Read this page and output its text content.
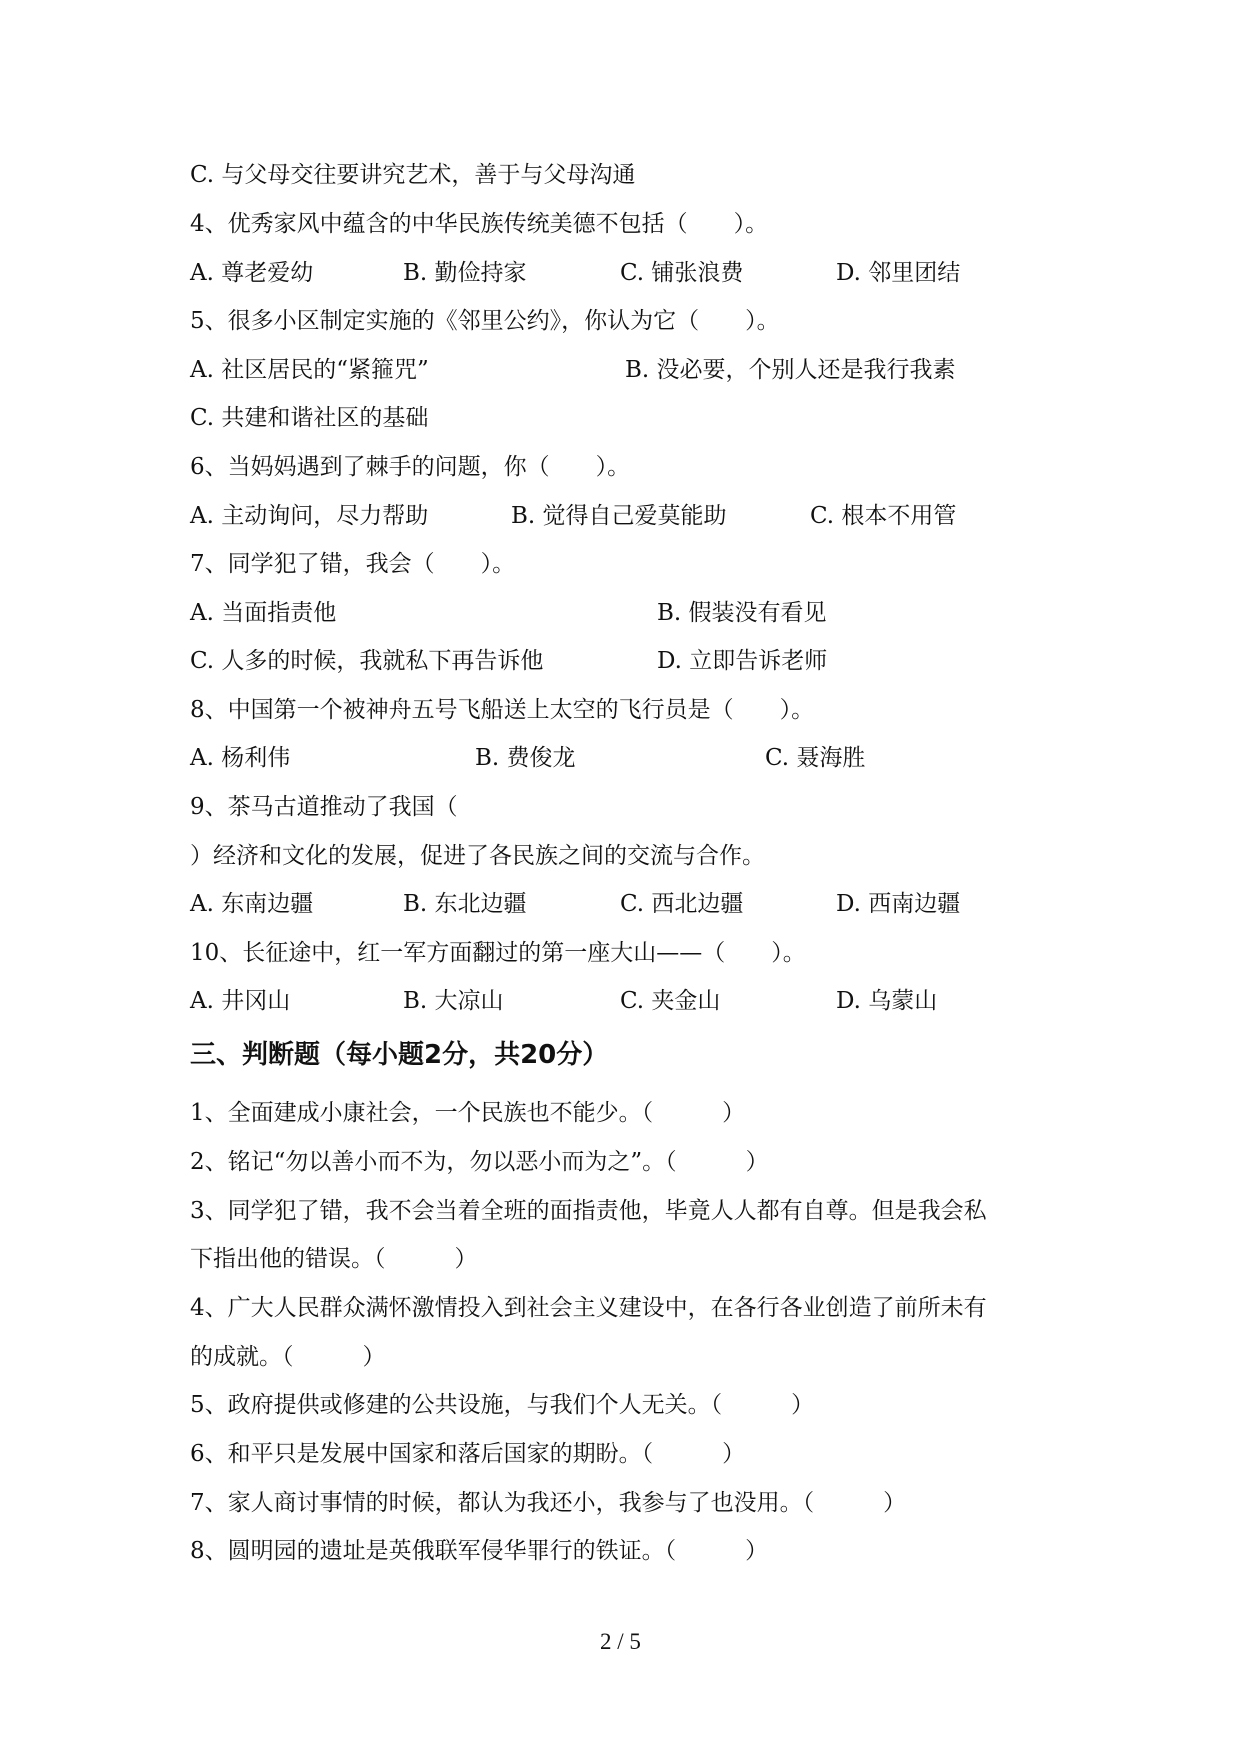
C. 与父母交往要讲究艺术，善于与父母沟通
4、优秀家风中蕴含的中华民族传统美德不包括（　　）。
A. 尊老爱幼	B. 勤俭持家	C. 铺张浪费	D. 邻里团结
5、很多小区制定实施的《邻里公约》，你认为它（　　）。
A. 社区居民的“紧箍咒”	B. 没必要，个别人还是我行我素
C. 共建和谐社区的基础
6、当妈妈遇到了棘手的问题，你（　　）。
A. 主动询问，尽力帮助	B. 觉得自己爱莫能助	C. 根本不用管
7、同学犯了错，我会（　　）。
A. 当面指责他	B. 假装没有看见
C. 人多的时候，我就私下再告诉他	D. 立即告诉老师
8、中国第一个被神舟五号飞船送上太空的飞行员是（　　）。
A. 杨利伟	B. 费俊龙	C. 聂海胜
9、茶马古道推动了我国（
）经济和文化的发展，促进了各民族之间的交流与合作。
A. 东南边疆	B. 东北边疆	C. 西北边疆	D. 西南边疆
10、长征途中，红一军方面翻过的第一座大山——（　　）。
A. 井冈山	B. 大凉山	C. 夹金山	D. 乌蒙山
三、判断题（每小题2分，共20分）
1、全面建成小康社会，一个民族也不能少。（　　　）
2、铭记“勿以善小而不为，勿以恶小而为之”。（　　　）
3、同学犯了错，我不会当着全班的面指责他，毕竟人人都有自尊。但是我会私
下指出他的错误。（　　　）
4、广大人民群众满怀激情投入到社会主义建设中，在各行各业创造了前所未有
的成就。（　　　）
5、政府提供或修建的公共设施，与我们个人无关。（　　　）
6、和平只是发展中国家和落后国家的期盼。（　　　）
7、家人商讨事情的时候，都认为我还小，我参与了也没用。（　　　）
8、圆明园的遗址是英俄联军侵华罪行的铁证。（　　　）
2 / 5
